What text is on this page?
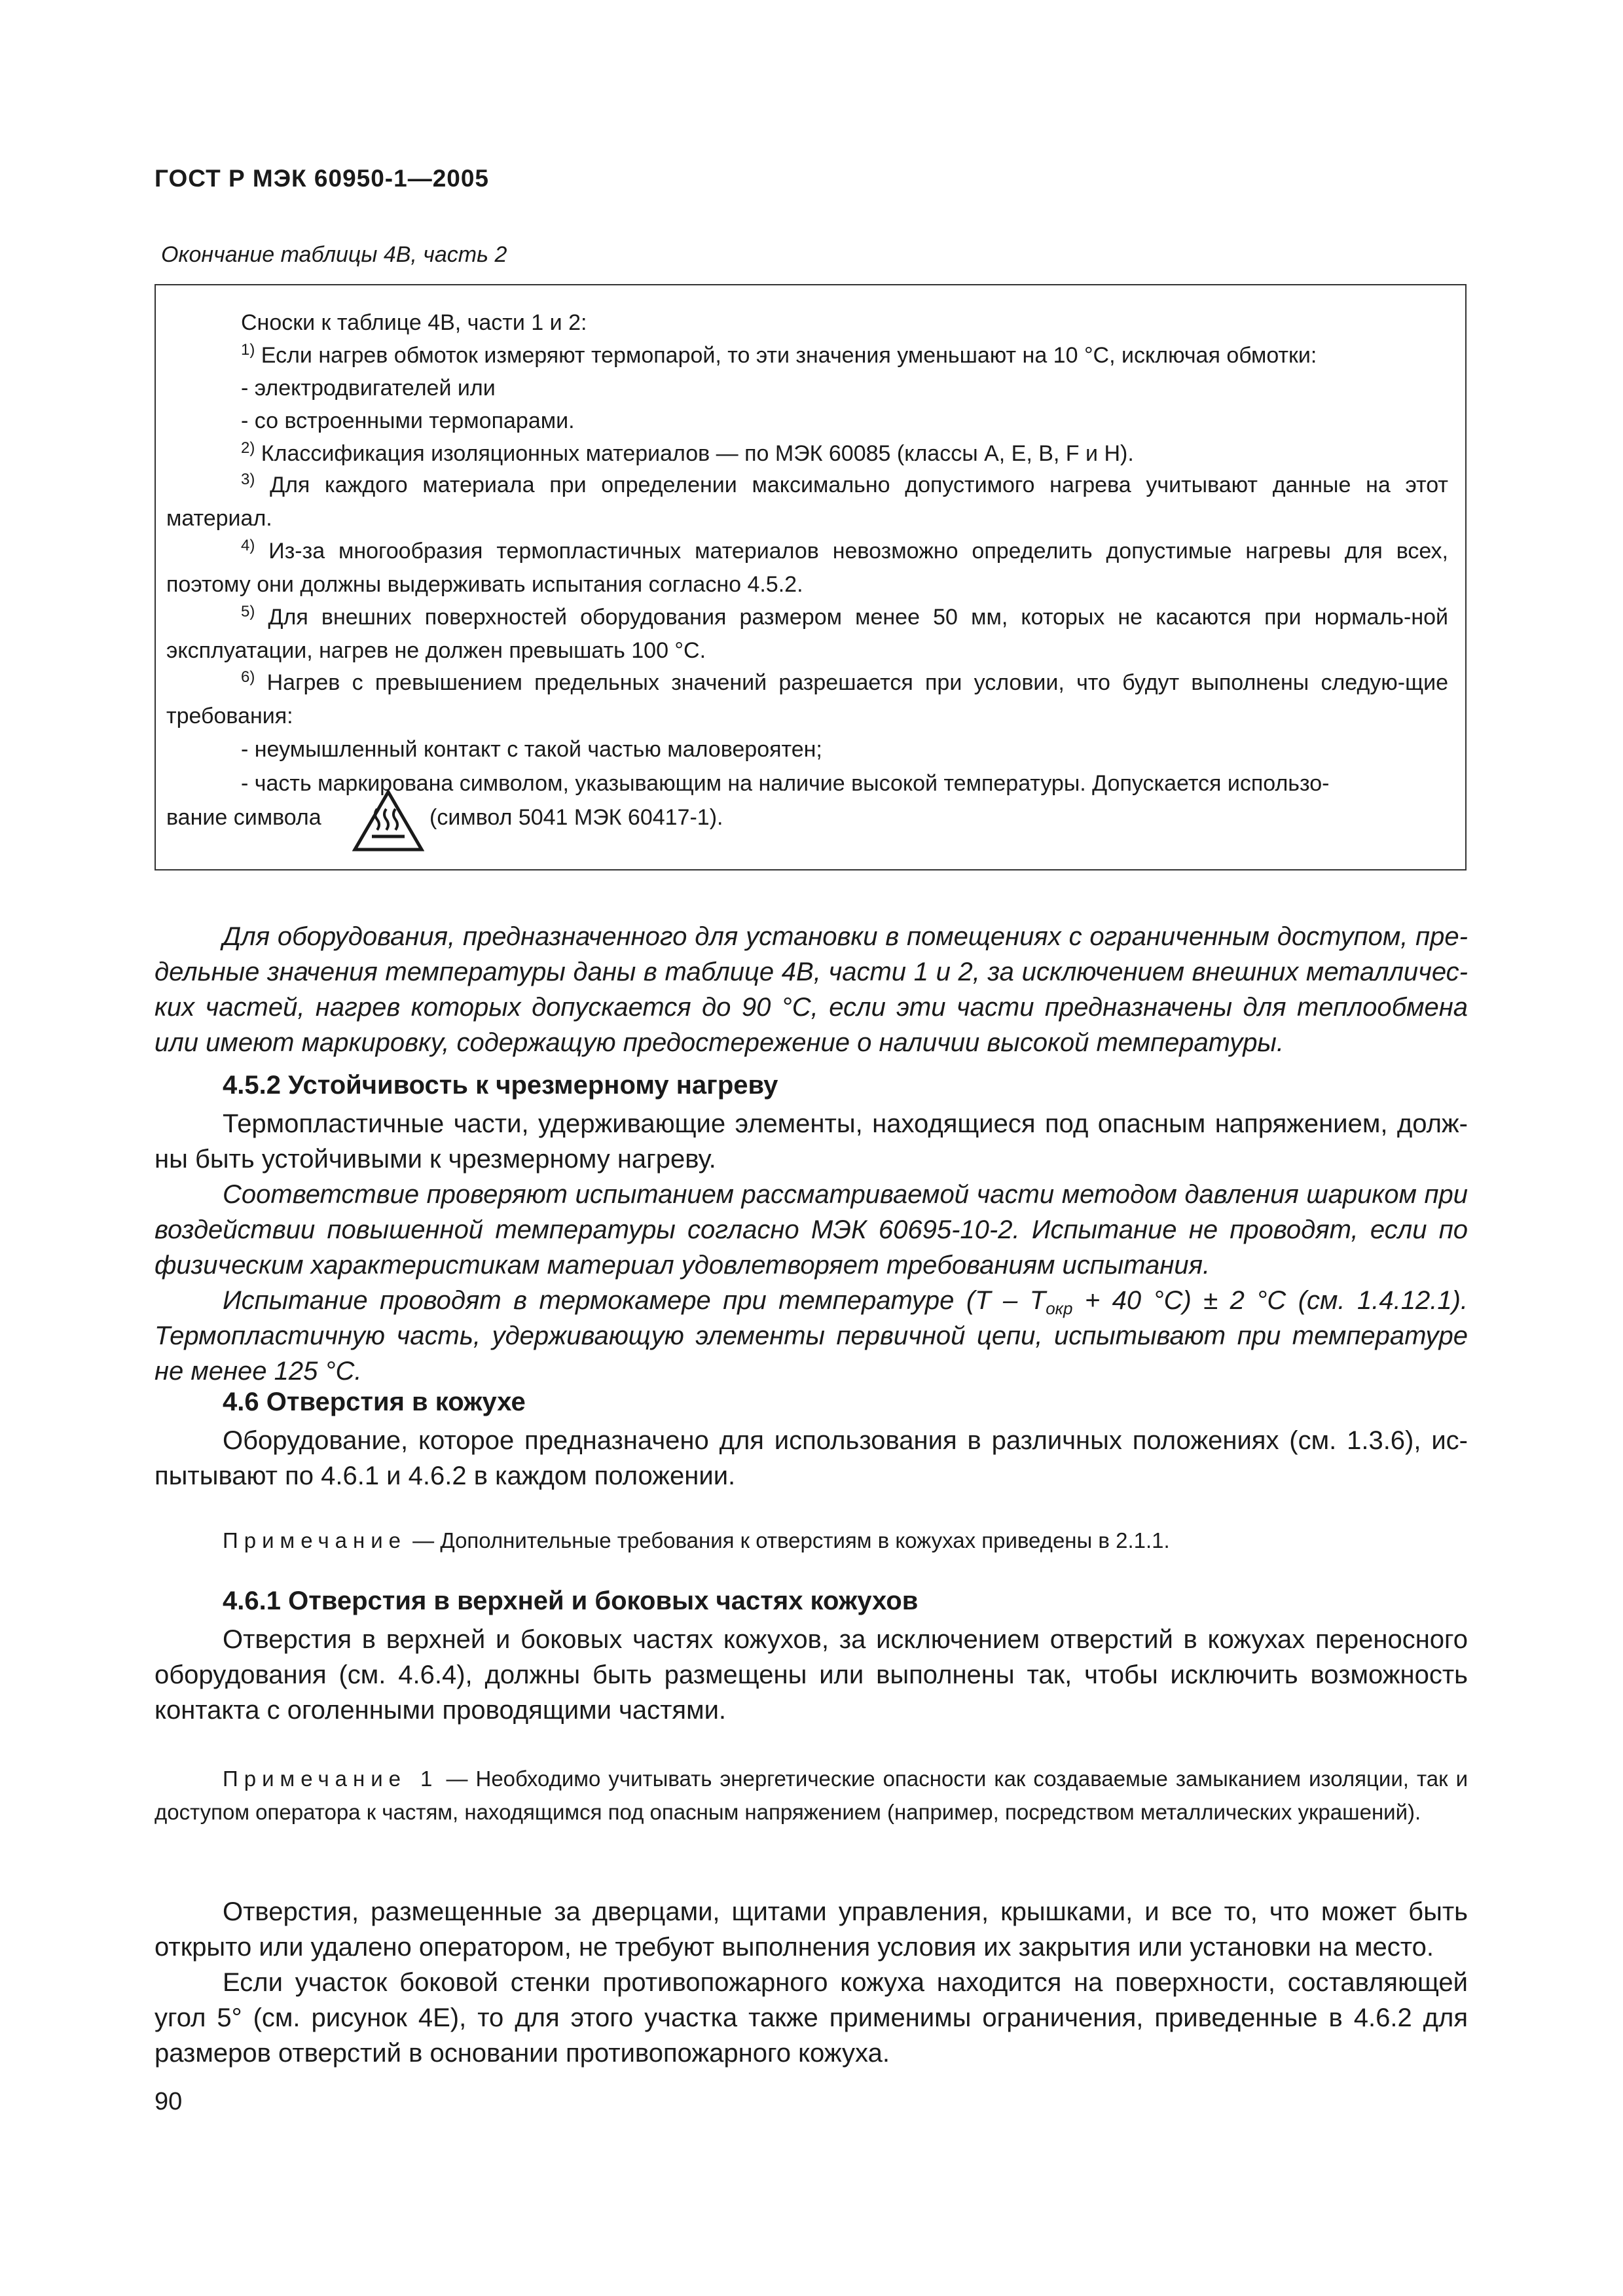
ГОСТ Р МЭК 60950-1—2005
Окончание таблицы 4В, часть 2
Сноски к таблице 4В, части 1 и 2:
$^{1)}$ Если нагрев обмоток измеряют термопарой, то эти значения уменьшают на 10 °С, исключая обмотки:
- электродвигателей или
- со встроенными термопарами.
$^{2)}$ Классификация изоляционных материалов — по МЭК 60085 (классы А, Е, В, F и Н).
$^{3)}$ Для каждого материала при определении максимально допустимого нагрева учитывают данные на этот материал.
$^{4)}$ Из-за многообразия термопластичных материалов невозможно определить допустимые нагревы для всех, поэтому они должны выдерживать испытания согласно 4.5.2.
$^{5)}$ Для внешних поверхностей оборудования размером менее 50 мм, которых не касаются при нормаль-ной эксплуатации, нагрев не должен превышать 100 °С.
$^{6)}$ Нагрев с превышением предельных значений разрешается при условии, что будут выполнены следую-щие требования:
- неумышленный контакт с такой частью маловероятен;
- часть маркирована символом, указывающим на наличие высокой температуры. Допускается использо-
вание символа	(символ 5041 МЭК 60417-1).
Для оборудования, предназначенного для установки в помещениях с ограниченным доступом, пре-дельные значения температуры даны в таблице 4В, части 1 и 2, за исключением внешних металличес-ких частей, нагрев которых допускается до 90 °С, если эти части предназначены для теплообмена или имеют маркировку, содержащую предостережение о наличии высокой температуры.
4.5.2 Устойчивость к чрезмерному нагреву
Термопластичные части, удерживающие элементы, находящиеся под опасным напряжением, долж-ны быть устойчивыми к чрезмерному нагреву.
Соответствие проверяют испытанием рассматриваемой части методом давления шариком при воздействии повышенной температуры согласно МЭК 60695-10-2. Испытание не проводят, если по физическим характеристикам материал удовлетворяет требованиям испытания.
Испытание проводят в термокамере при температуре ($Т - Т_{окр} + 40$ °С) ± 2 °С (см. 1.4.12.1). Термопластичную часть, удерживающую элементы первичной цепи, испытывают при температуре не менее 125 °С.
4.6 Отверстия в кожухе
Оборудование, которое предназначено для использования в различных положениях (см. 1.3.6), ис-пытывают по 4.6.1 и 4.6.2 в каждом положении.
Примечание — Дополнительные требования к отверстиям в кожухах приведены в 2.1.1.
4.6.1 Отверстия в верхней и боковых частях кожухов
Отверстия в верхней и боковых частях кожухов, за исключением отверстий в кожухах переносного оборудования (см. 4.6.4), должны быть размещены или выполнены так, чтобы исключить возможность контакта с оголенными проводящими частями.
Примечание 1 — Необходимо учитывать энергетические опасности как создаваемые замыканием изоляции, так и доступом оператора к частям, находящимся под опасным напряжением (например, посредством металлических украшений).
Отверстия, размещенные за дверцами, щитами управления, крышками, и все то, что может быть открыто или удалено оператором, не требуют выполнения условия их закрытия или установки на место.
Если участок боковой стенки противопожарного кожуха находится на поверхности, составляющей угол 5° (см. рисунок 4Е), то для этого участка также применимы ограничения, приведенные в 4.6.2 для размеров отверстий в основании противопожарного кожуха.
90
